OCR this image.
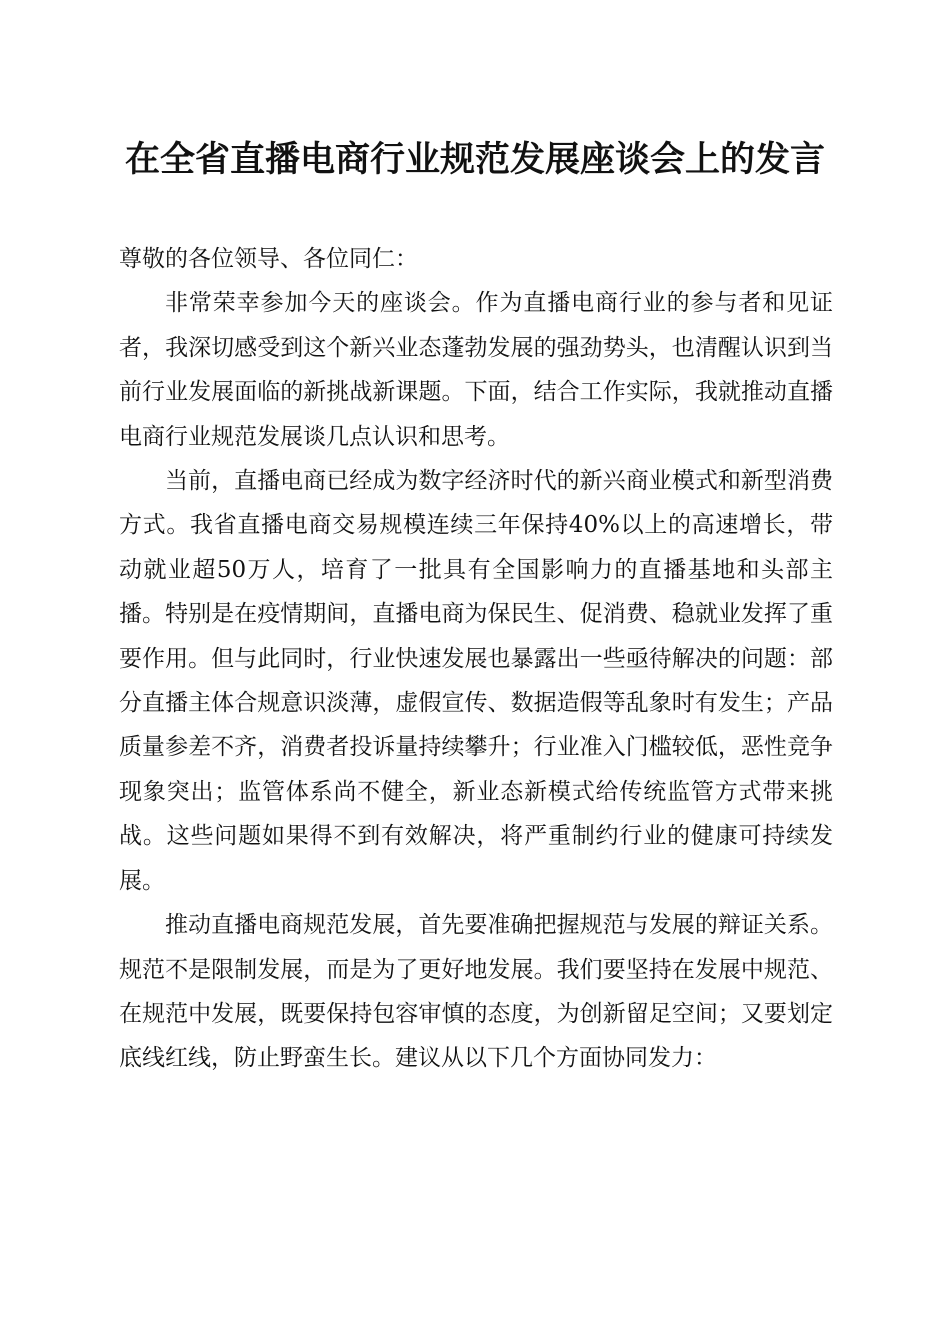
在全省直播电商行业规范发展座谈会上的发言

尊敬的各位领导、各位同仁：

非常荣幸参加今天的座谈会。作为直播电商行业的参与者和见证者，我深切感受到这个新兴业态蓬勃发展的强劲势头，也清醒认识到当前行业发展面临的新挑战新课题。下面，结合工作实际，我就推动直播电商行业规范发展谈几点认识和思考。

当前，直播电商已经成为数字经济时代的新兴商业模式和新型消费方式。我省直播电商交易规模连续三年保持40%以上的高速增长，带动就业超50万人，培育了一批具有全国影响力的直播基地和头部主播。特别是在疫情期间，直播电商为保民生、促消费、稳就业发挥了重要作用。但与此同时，行业快速发展也暴露出一些亟待解决的问题：部分直播主体合规意识淡薄，虚假宣传、数据造假等乱象时有发生；产品质量参差不齐，消费者投诉量持续攀升；行业准入门槛较低，恶性竞争现象突出；监管体系尚不健全，新业态新模式给传统监管方式带来挑战。这些问题如果得不到有效解决，将严重制约行业的健康可持续发展。

推动直播电商规范发展，首先要准确把握规范与发展的辩证关系。规范不是限制发展，而是为了更好地发展。我们要坚持在发展中规范、在规范中发展，既要保持包容审慎的态度，为创新留足空间；又要划定底线红线，防止野蛮生长。建议从以下几个方面协同发力：
